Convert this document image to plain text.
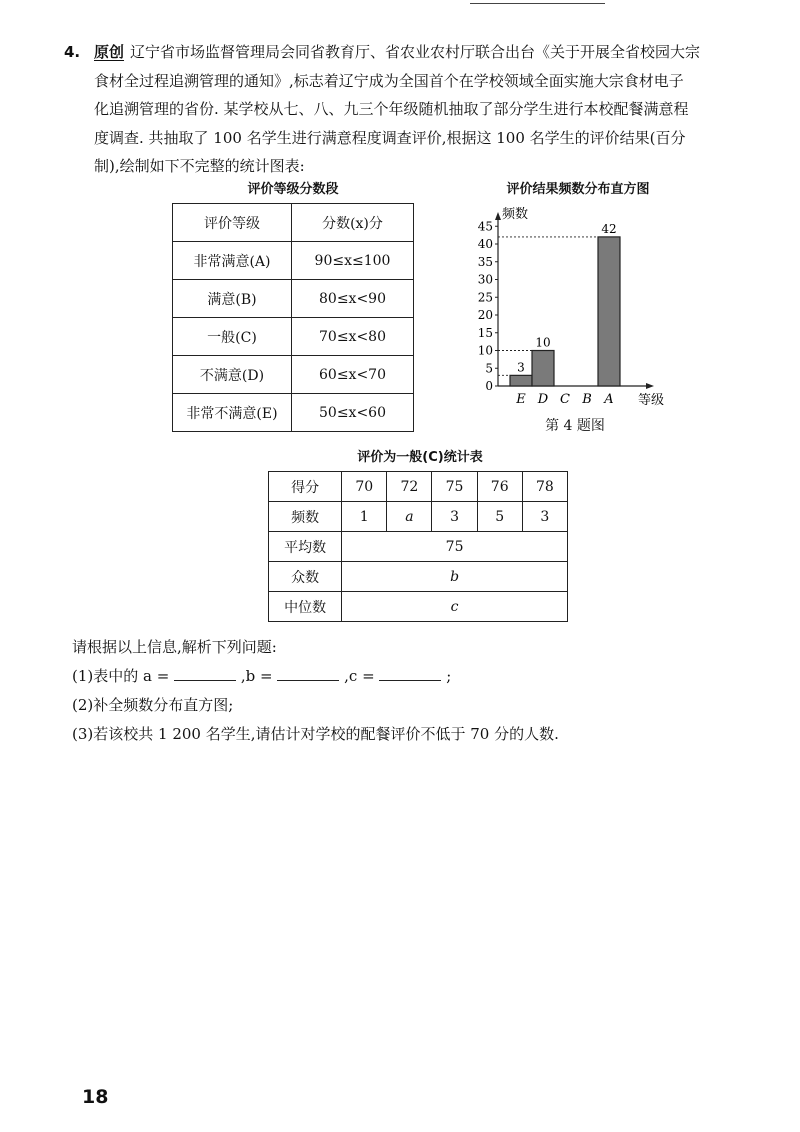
4. 原创 辽宁省市场监督管理局会同省教育厅、省农业农村厅联合出台《关于开展全省校园大宗
食材全过程追溯管理的通知》,标志着辽宁成为全国首个在学校领域全面实施大宗食材电子
化追溯管理的省份. 某学校从七、八、九三个年级随机抽取了部分学生进行本校配餐满意程
度调查. 共抽取了 100 名学生进行满意程度调查评价,根据这 100 名学生的评价结果(百分
制),绘制如下不完整的统计图表:
评价等级分数段
评价等级	分数(x)分
非常满意(A)	90≤x≤100
满意(B)	80≤x<90
一般(C)	70≤x<80
不满意(D)	60≤x<70
非常不满意(E)	50≤x<60
评价结果频数分布直方图
频数
等级
0
5
10
15
20
25
30
35
40
45
3
10
42
E D C B A
第 4 题图
评价为一般(C)统计表
得分	70	72	75	76	78
频数	1	a	3	5	3
平均数	75				
众数	b				
中位数	c				
请根据以上信息,解析下列问题:
(1)表中的 a =	,b =	,c =	;
(2)补全频数分布直方图;
(3)若该校共 1 200 名学生,请估计对学校的配餐评价不低于 70 分的人数.
18
